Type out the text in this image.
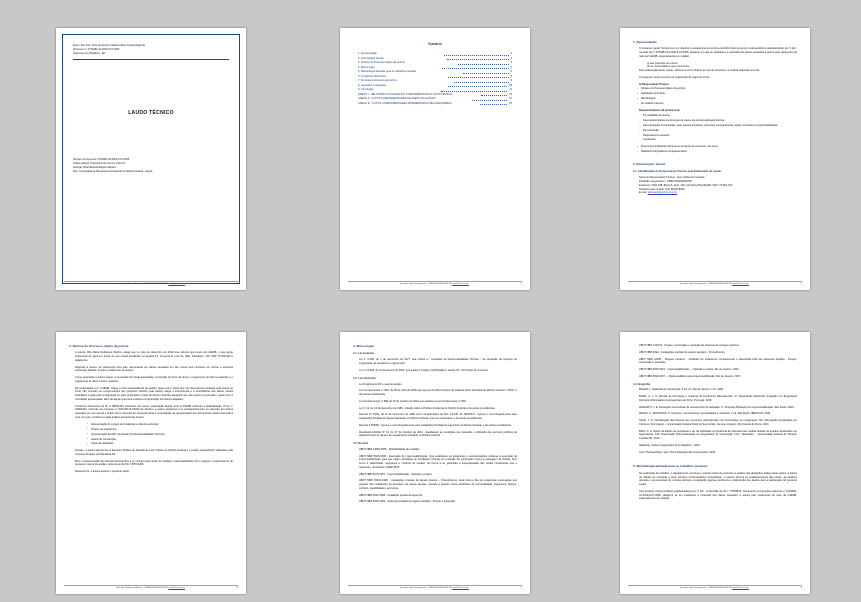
Exmo. Sra. Dra. Juíza de Direito Izabella Lafloer Freitas Rigonda
Processo nº: 0704081.34.2020-8.07.0005
Vara Cível de Planaltina - DF
LAUDO TÉCNICO
Número do processo: 0704081-34.2020-8.07.0005
Classe judicial: Procedimento Comum Cível (7)
Autor(a): Rita Maria Rodrigues Martins
Réu: Companhia de Saneamento Ambiental do Distrito Federal - Caesb
1
Jose dos Guilherme Howack - CREA 000000000/SP-DF email@email.com
Sumário
1. Apresentação	3
2. Informações Gerais	3
3. Síntese do Processo objeto da perícia	4
4. Marco legal	5
5. Metodologia adotada para os trabalhos periciais	6
6. O histórico da Perícia	8
7. Do desenvolvimento da perícia	9
8. Questões e respostas	38
9. Conclusão	74
ANEXO I - RELATÓRIO FOTOGRÁFICO COMPLEMENTAR DA VISITA TÉCNICA	75
ANEXO II - FOTOS COMPLEMENTARES DE ANEXO DA AUTORA	76
ANEXO III - FOTOS COMPLEMENTARES APRESENTADAS PELA REQUERIDA	78
2
Jose dos Guilherme Howack - CREA 000000000/SP-DF email@email.com
1. Apresentação

O presente Laudo Técnico tem por objetivo o esclarecimento técnico-científico do(s) ponto(s) controvertido(s) estabelecido(s) por V. Exª. na ação de nº 0704081-34.2020-8.07.0005, objeto(s) em que se estabelece a extensão dos danos causados à autora pelo vazamento de rede da CAESB, especialmente em relação:

(i) aos prejuízos ao imóvel;
(ii) ao nexo(s)/danos que porventura;

Para elaboração deste Laudo, utilizou-se como diretriz as normas técnicas e a vistoria realizada no local.

O presente Laudo encontra-se organizado da seguinte forma:

a) Responsável Técnico;
▪ Síntese do Processo objeto da perícia;
▪ legislação pertinente;
▪ Metodologia;
▪ Do relatório técnico;
Desenvolvimento da perícia com:
- Da realidade da autora;
- Das características construtivas da casa e da contextualização técnica;
- Das patologias encontradas, suas causas prováveis, possíveis consequências, ações corretivas e responsabilidades;
- Da conclusão;
- Resposta aos quesitos;
- Conclusão;
▪ Documento individual referente ao contexto do processo, dos anos;
▪ Relatórios fotográficos complementares.
2. Informações Gerais
2.1. Identificação do Responsável Técnico pela Elaboração do Laudo.
Nome do Responsável Técnico: Jose Guilherme Howack
Profissão: Engenheiro - CREA 000000000/SP
Endereço: SQN 208, Bloco A, Apto. 304, Asa Norte Brasília/DF. CEP: 70.854-010
Telefone para contato: (61) 98146-8620
E-mail: jahowack@yahoo.com.br
3
Jose dos Guilherme Howack - CREA 000000000/SP-DF email@email.com
3. Síntese do Processo objeto da perícia

A autora, Rita Maria Rodrigues Martins, alega que no mês de dezembro de 2019 teve ciência que novos da CAESB, o que gerou vazamento de água em frente ao seu imóvel localizado na Quadra 16, Conjunto E, Lote 01, BRL, Planaltina - DF, CEP 73.339-025 e adjacentes.

Segundo a autora, tal vazamento teria sido responsável por danos causados em seu imóvel que incluíram em trincas e estrutura estruturais afetada, trincas e problemas na pintura.

Como reparação a autora requer a concessão de tutela antecipada, a inversão do ônus da prova, o pagamento de danos materiais e o pagamento de dano moral e material.

Na contestação a ré, CAESB, requer a total improcedência do pedido, alega que o pleito que nos documentos juntados pela autora no início não constam as comprovações dos prejuízos sofridos pela autora, alega a inocorrência e a exorbitância dos danos morais solicitados e julga pela impugnação ao valor pretendido a título de danos materiais alegando que não restou comprovado o gasto com a correlação apresentada, além de alegar que lavra a efetiva comprovação dos danos alegados.

Conforme documento de ID nº 88701245 constante nos autos, reclamação aberta junto à CAESB referente à judicialização, Pl de nº 44060320, referente ao processo nº 040.000.412/2020 de ofertam, a autora questionou um prestacionamento em atenção aos danos causados em seu imóvel e obtive como resposta da concessionária a necessidade da apresentação dos documentos abaixo elencados uma vez que o problema exigia análise estrutural do imóvel:

▪ Apresentação do projeto de fundações e cálculo estrutural;
▪ Projeto de arquitetura;
▪ Apresentação da ART (Anotação de Responsabilidade Técnica);
▪ Alvará de Construção;
▪ Carta de Habitação

Desses, a autora apresentou a Escritura Pública de Doação de Lote Urbano do Distrito Federal e o projeto arquitetônico elaborado pela empresa Projetec de Planaltina-DF.

Bem a apresentação dos demais documentos a ré conclui estar tendo de qualquer responsabilidade civil e sugeriu o arquivamento do processo interno de análise, documento de ID nº 88701266.

Desta forma, a autora ajuizou o presente pleito.

4
Jose dos Guilherme Howack - CREA 000000000/SP-DF email@email.com
4. Marco legal
4.1. Lei Federais

Lei nº 6.496, de 7 de dezembro de 1977, que institui a " Anotação de Responsabilidade Técnica " na prestação de serviços de engenharia, de arquitetura e agronomia.

Lei nº 10.406, de 10 de janeiro de 2002, que institui o Código Civil Brasileiro, Seção VII - Do Direito de Construir.

4.2. Leis Distritais

Lei Orgânica do DF e suas Emendas.

Lei Complementar nº 803, de 25 de abril de 2009 que aprova do Plano Diretor de Ordenamento Territorial do Distrito Federal – PDOT e dá outras providências.

Lei Complementar nº 854 de 15 de outubro de 2012 que atualiza a Lei Complementar nº 803.

Lei nº 41, de 13 de Setembro de 1989 - Dispõe sobre a Política Ambiental do Distrito Federal e dá outras providências.

Decreto Nº 5.831, de 27 de Novembro de 1980 (Com as alterações do Dec. 16.035, de 19/05/97) - Aprova o novo Regulamento para Instalações Prediais de Águas Sanitárias no Distrito Federal, que com esta baixa, e dá outras providências.

Decreto 5.839/80 - Aprova o novo Regulamento para Instalações Prediais de Água Fria no Distrito Federal, e dá outras providências.

Resolução ADASA Nº 14, de 27 de Outubro de 2011 - Estabelece as condições de prestação e utilização dos serviços públicos de abastecimento de água e de esgotamento sanitário no Distrito Federal.

4.3. Normas

ABNT NBR 14653:2008 - Rebatibilidade de medidas

ABNT NBR 5626:2008 - Execução de impermeabilização. Que estabelece as exigências e recomendações relativas à execução de impermeabilização para que sejam atendidas as condições mínimas de proteção da construção contra a passagem de fluidos, bem como a salubridade, segurança e conforto do usuário, de forma a ter garantida a estanqueidade das partes construtivas que a requeiram, atendendo a NBR 9575.

ABNT NBR 9575:2010 - Impermeabilização - Seleção e projeto.

ABNT NBR 15844:1998 - Instalações prediais de águas pluviais – Procedimento. Esta Norma fixa as exigências necessárias aos projetos das instalações de drenagem de águas pluviais, visando a garantir níveis aceitáveis de funcionalidade, segurança, higiene, conforto, durabilidade e economia.

ABNT NBR 5626:1998 - Instalação predial de água fria.

ABNT NBR 8160:1999 - Sistemas prediais de esgoto sanitário - Projeto e execução

5
Jose dos Guilherme Howack - CREA 000000000/SP-DF email@email.com

ABNT NBR 7229:03 - Projeto, construção e operação de sistemas de tanques sépticos.

ABNT NBR 6492 - Instalações prediais de esgoto sanitário - Procedimento.

ABNT NBR 12655 - Tanques sépticos - Unidades de tratamento complementar e disposição final dos efluentes líquidos - Projeto, construção e operação.

ABNT NBR 9575:2010 - Impermeabilização — Seleção e projeto. Rio de Janeiro, 2010.

ABNT NBR 9690:2007 — Manta asfáltica para impermeabilização. Rio de Janeiro, 2007.

4.4. Biografia

BAUER, L. Materiais de Construção. 5 ed. rev. Rio de Janeiro: LTC, 2000.

BORA, A. L. G. Estudo de Formação e Controle do Fenômeno Efloresências. 2ª. Dissertação (Mestrado Integrado em Engenharia Química) efloriculados de Engenharia do Porto, Portugal, 2008.

GRANATO, J. E. Patologias construtivas de revestimento de fachadas. In: Simpósio Brasileiro de Impermeabilização. São Paulo, 2000.

MENTA, P., MONTEIRO, P. Concreto: microestrutura, propriedades e materiais. 1 ed. São Paulo: IBRACON, 2008.

SILVA, T. R. Identificação das fissuras que provocam efloresências nas construções em argamassa. 80f. Monografia (Graduação em Ciência e Tecnologia) – Universidade Federal Rural do Semi-Árido, Campus Angicos, Rio Grande do Norte, 2011.

BINA, D. H. Efeito da adição de pozolanas e de cal hidratada na incidência de efloresências medida através de ensaios acelerados em argamassas. 100. Dissertação (Pós-Graduação em Engenharia de Construção Civil - Mestrado) – Universidade Federal do Paraná. Curitiba-PR, 2016.

Saldanha, Carlos: Engenharia de Fundações I, 2020.

Lima Thomas/Ariele, Veto. Novo Patologia das Construções, 2020.

5. Metodologia adotada para os trabalhos periciais

Na realização do trabalho, o planejamento envolveu o estudo prévio do processo a análise das alegações dadas pelas partes, à leitura de citados de conteúdo e do(s) ponto(s) controvertido(s) levantado(s), a vistoria técnica ao estabelecimento das partes, as análises técnicas e as pesquisas de normas técnicas e legislação vigentes pertinente e elaboração dos laudos para a elaboração do presente Laudo.

O(s) ponto(s) controvertido(s) estabelecido(s) por V. Exª. na Decisão de ID nº 70535874, documento do processo referente nº 0704081-34.2020-8.07.0005, alega(m) se em esclarecer a extensão dos danos causados à autora pelo vazamento de rede da CAESB, especialmente em relação:

6
Jose dos Guilherme Howack - CREA 000000000/SP-DF email@email.com
